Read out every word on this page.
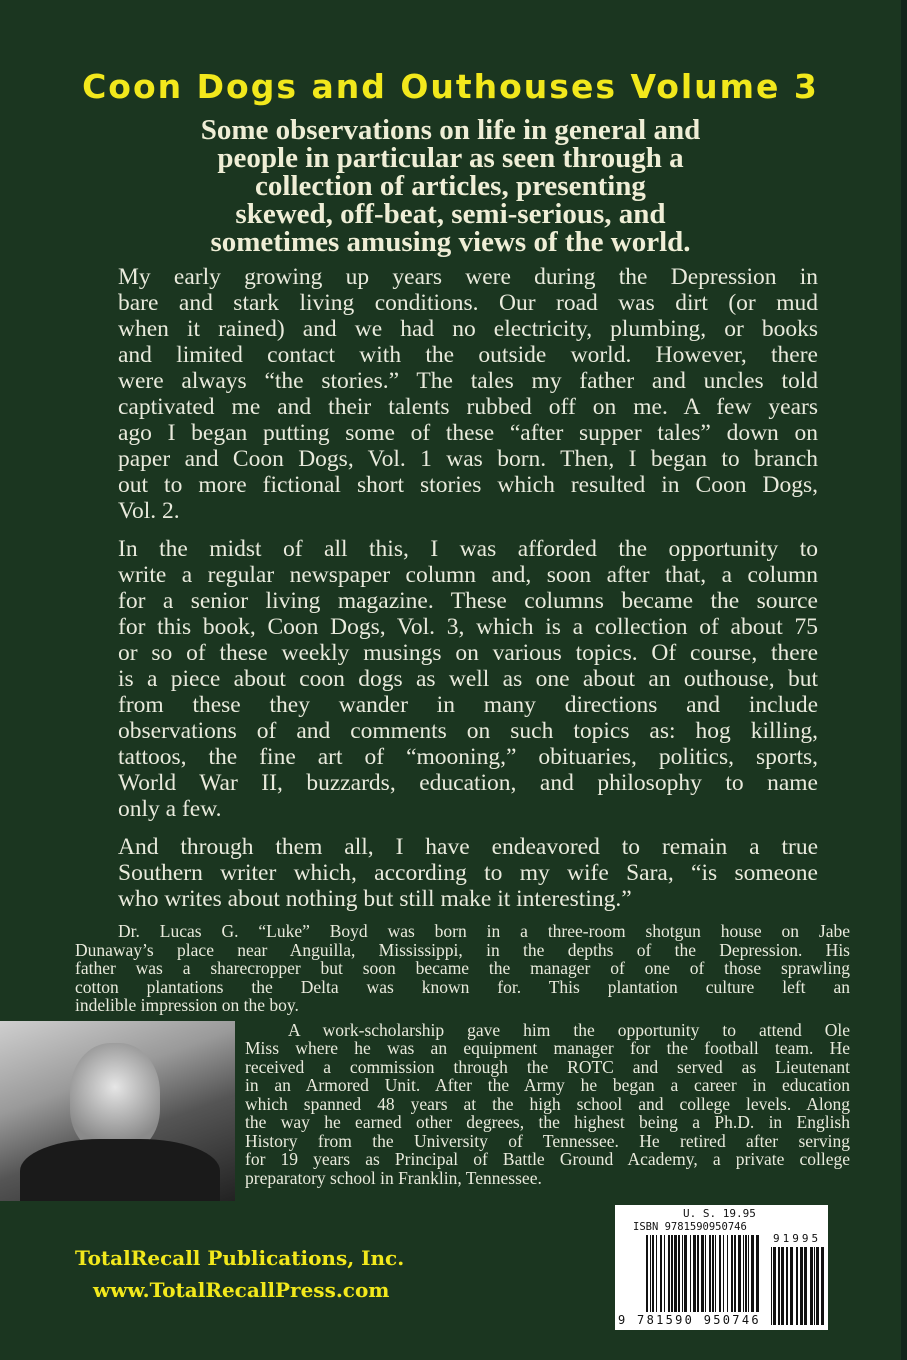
Coon Dogs and Outhouses Volume 3
Some observations on life in general and
people in particular as seen through a
collection of articles, presenting
skewed, off-beat, semi-serious, and
sometimes amusing views of the world.
My early growing up years were during the Depression in
bare and stark living conditions. Our road was dirt (or mud
when it rained) and we had no electricity, plumbing, or books
and limited contact with the outside world. However, there
were always “the stories.” The tales my father and uncles told
captivated me and their talents rubbed off on me. A few years
ago I began putting some of these “after supper tales” down on
paper and Coon Dogs, Vol. 1 was born. Then, I began to branch
out to more fictional short stories which resulted in Coon Dogs,
Vol. 2.
In the midst of all this, I was afforded the opportunity to
write a regular newspaper column and, soon after that, a column
for a senior living magazine. These columns became the source
for this book, Coon Dogs, Vol. 3, which is a collection of about 75
or so of these weekly musings on various topics. Of course, there
is a piece about coon dogs as well as one about an outhouse, but
from these they wander in many directions and include
observations of and comments on such topics as: hog killing,
tattoos, the fine art of “mooning,” obituaries, politics, sports,
World War II, buzzards, education, and philosophy to name
only a few.
And through them all, I have endeavored to remain a true
Southern writer which, according to my wife Sara, “is someone
who writes about nothing but still make it interesting.”
Dr. Lucas G. “Luke” Boyd was born in a three-room shotgun house on Jabe
Dunaway’s place near Anguilla, Mississippi, in the depths of the Depression. His
father was a sharecropper but soon became the manager of one of those sprawling
cotton plantations the Delta was known for. This plantation culture left an
indelible impression on the boy.
A work-scholarship gave him the opportunity to attend Ole
Miss where he was an equipment manager for the football team. He
received a commission through the ROTC and served as Lieutenant
in an Armored Unit. After the Army he began a career in education
which spanned 48 years at the high school and college levels. Along
the way he earned other degrees, the highest being a Ph.D. in English
History from the University of Tennessee. He retired after serving
for 19 years as Principal of Battle Ground Academy, a private college
preparatory school in Franklin, Tennessee.
TotalRecall Publications, Inc.
www.TotalRecallPress.com
U. S. 19.95
ISBN 9781590950746
91995
9 781590 950746
